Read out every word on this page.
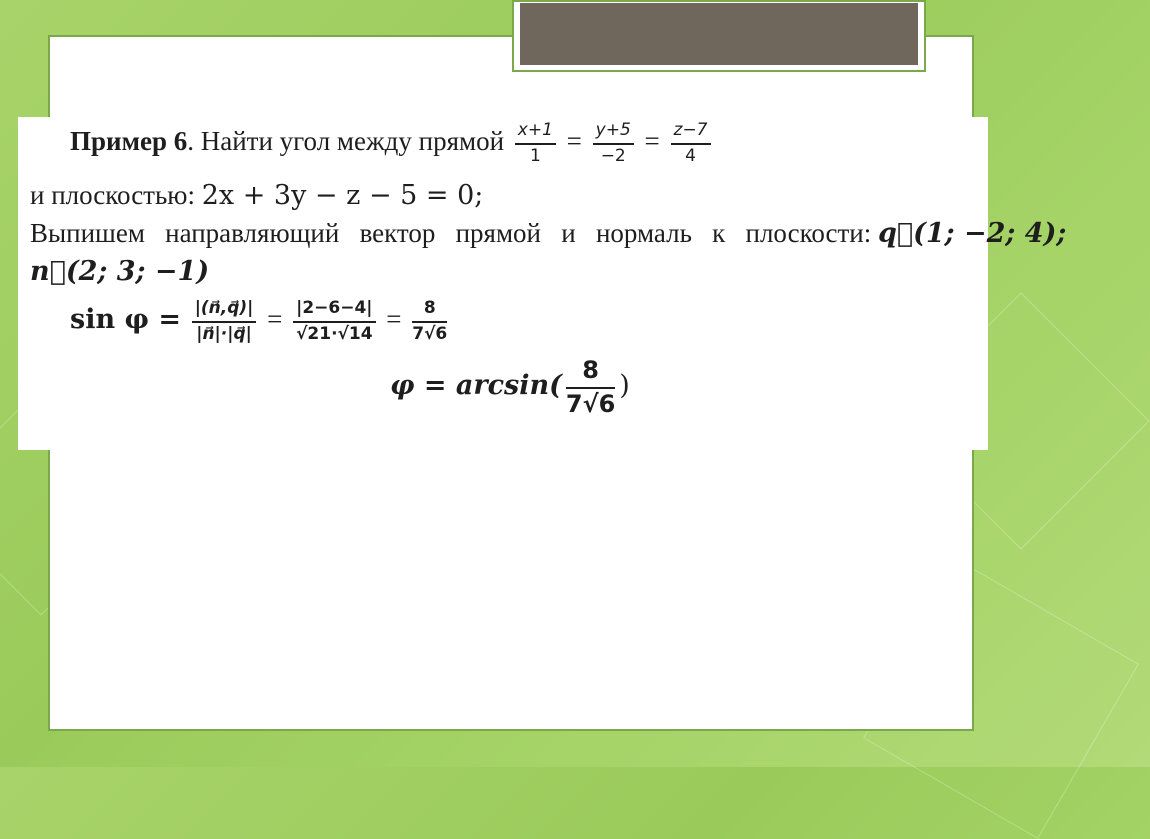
Пример 6. Найти угол между прямой $\frac{x+1}{1} = \frac{y+5}{-2} = \frac{z-7}{4}$
и плоскостью: 2x + 3y − z − 5 = 0;
Выпишем   направляющий   вектор   прямой   и   нормаль   к   плоскости: q⃗(1; −2; 4);
n⃗(2; 3; −1)
$\sin \varphi = \frac{|(n⃗,q⃗)|}{|n⃗|\cdot|q⃗|} = \frac{|2-6-4|}{√21\cdot√14} = \frac{8}{7√6}$
$\varphi = \arcsin( \frac{8}{7√6}$ )
